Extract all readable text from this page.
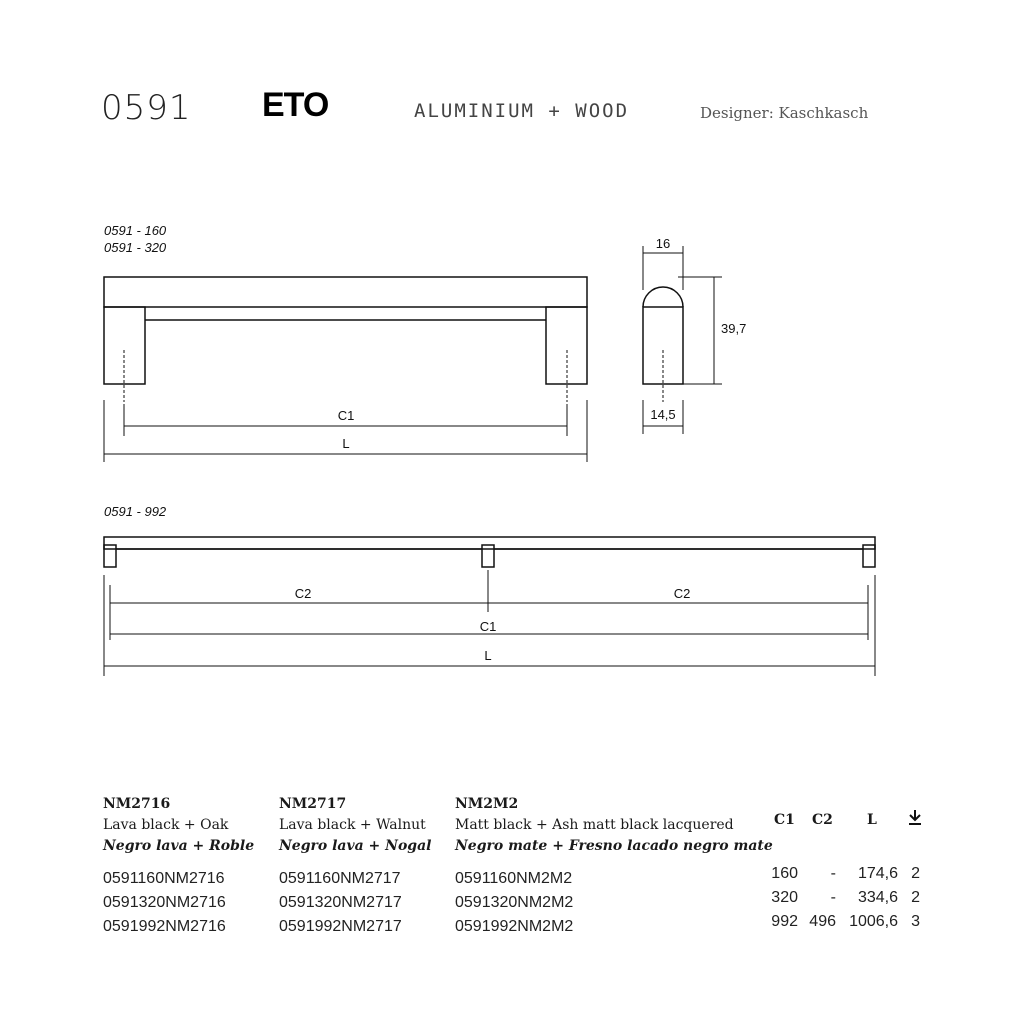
0591 ETO	ALUMINIUM + WOOD	Designer: Kaschkasch
0591 - 160
0591 - 320
0591 - 992
C1
L
16
39,7
14,5
C2	C2
C1
L
NM2716
Lava black + Oak
Negro lava + Roble
0591160NM2716
0591320NM2716
0591992NM2716
NM2717
Lava black + Walnut
Negro lava + Nogal
0591160NM2717
0591320NM2717
0591992NM2717
NM2M2
Matt black + Ash matt black lacquered
Negro mate + Fresno lacado negro mate
0591160NM2M2
0591320NM2M2
0591992NM2M2
C1 C2 L
160	-	174,6 2
320	-	334,6 2
992 496 1006,6 3
